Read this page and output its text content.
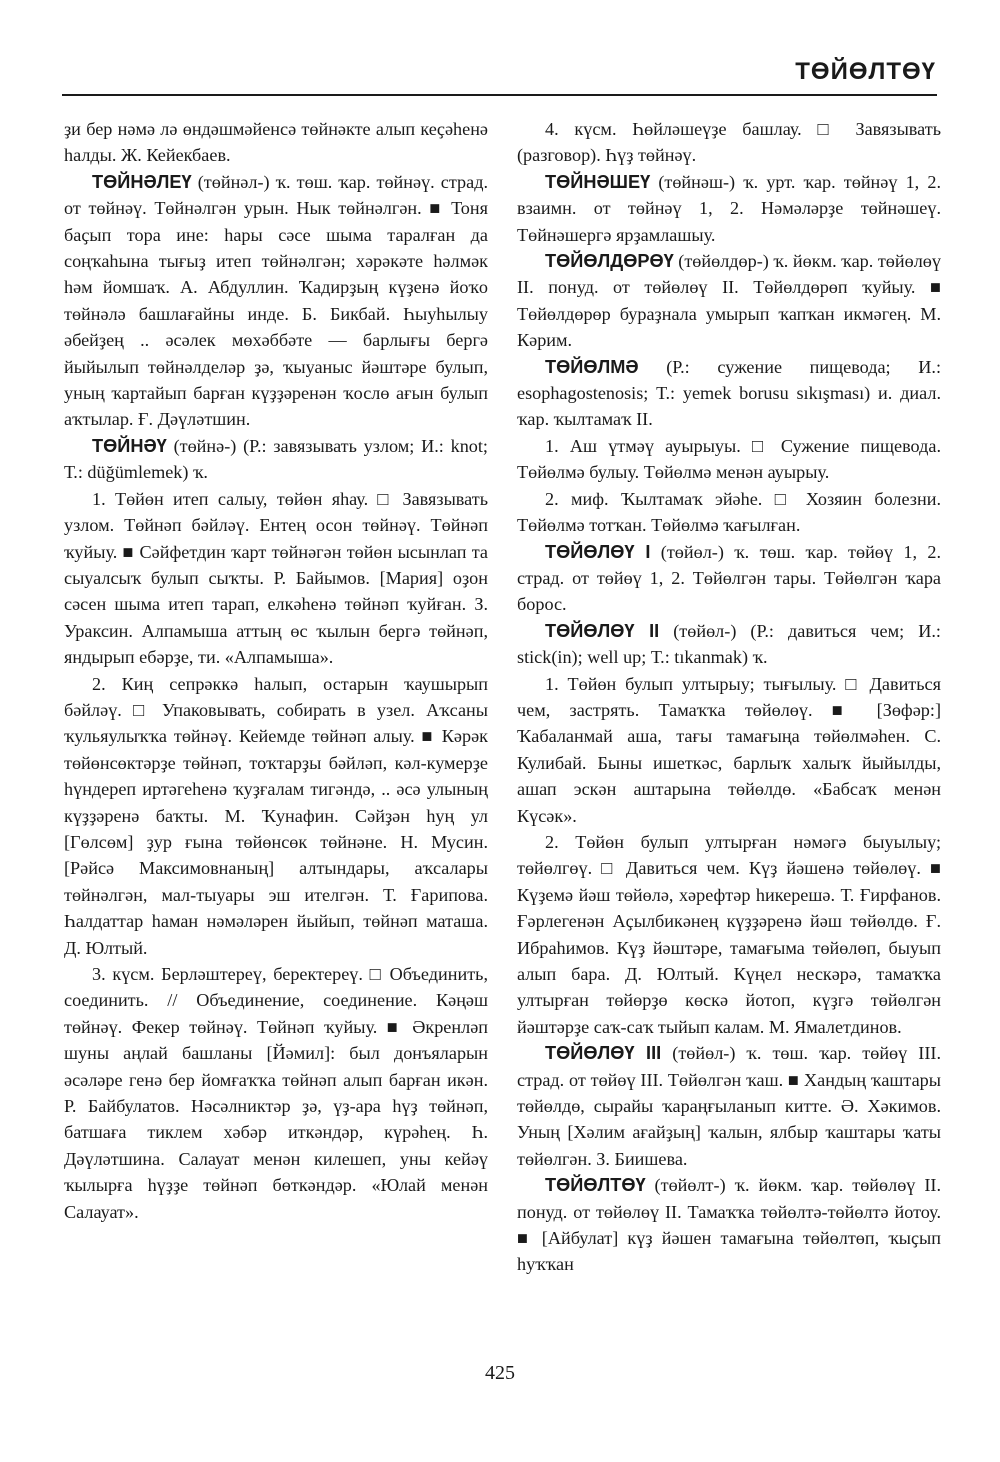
ТӨЙӨЛТӨҮ

ҙи бер нәмә лә өндәшмәйенсә төйнәкте алып кеҫәһенә һалды. Ж. Кейекбаев.

ТӨЙНӘЛЕҮ (төйнәл-) ҡ. төш. ҡар. төйнәү. страд. от төйнәү. Төйнәлгән урын. Нык төйнәлгән. ■ Тоня баҫып тора ине: һары сәсе шыма таралған да соңҡаһына тығыҙ итеп төйнәлгән; хәрәкәте һәлмәк һәм йомшаҡ. А. Абдуллин. Ҡадирҙың күҙенә йоҡо төйнәлә башлағайны инде. Б. Бикбай. Һыуһылыу әбейҙең .. әсәлек мөхәббәте — барлығы бергә йыйылып төйнәлделәр ҙә, ҡыуаныс йәштәре булып, уның ҡартайып барған күҙҙәренән ҡослө ағын булып аҡтылар. Ғ. Дәүләтшин.

ТӨЙНӘҮ (төйнә-) (Р.: завязывать узлом; И.: knot; Т.: düğümlemek) ҡ.

1. Төйөн итеп салыу, төйөн яһау. □ Завязывать узлом. Төйнәп бәйләү. Ентең осон төйнәү. Төйнәп ҡуйыу. ■ Сәйфетдин ҡарт төйнәгән төйөн ысынлап та сыуалсыҡ булып сыҡты. Р. Байымов. [Мария] оҙон сәсен шыма итеп тарап, елкәһенә төйнәп ҡуйған. З. Ураксин. Алпамыша аттың өс ҡылын бергә төйнәп, яндырып ебәрҙе, ти. «Алпамыша».

2. Киң сепрәккә һалып, остарын ҡаушырып бәйләү. □ Упаковывать, собирать в узел. Аҡсаны ҡульяулыҡҡа төйнәү. Кейемде төйнәп алыу. ■ Кәрәк төйөнсөктәрҙе төйнәп, тоҡтарҙы бәйләп, кәл-кумерҙе һүндереп иртәгеһенә ҡуҙғалам тигәндә, .. әсә улының күҙҙәренә баҡты. М. Ҡунафин. Сәйҙән һуң ул [Гөлсөм] ҙур ғына төйөнсөк төйнәне. Н. Мусин. [Рәйсә Максимовнаның] алтындары, аҡсалары төйнәлгән, мал-тыуары эш ителгән. Т. Ғарипова. Һалдаттар һаман нәмәләрен йыйып, төйнәп маташа. Д. Юлтый.

3. күсм. Берләштереү, беректереү. □ Объединить, соединить. // Объединение, соединение. Кәңәш төйнәү. Фекер төйнәү. Төйнәп ҡуйыу. ■ Әкренләп шуны аңлай башланы [Йәмил]: был донъяларын әсәләре генә бер йомғаҡҡа төйнәп алып барған икән. Р. Байбулатов. Нәсәлниктәр ҙә, үҙ-ара һүҙ төйнәп, батшаға тиклем хәбәр иткәндәр, күрәһең. Һ. Дәүләтшина. Салауат менән килешеп, уны кейәү ҡылырға һүҙҙе төйнәп бөткәндәр. «Юлай менән Салауат».

4. күсм. Һөйләшеүҙе башлау. □ Завязывать (разговор). Һүҙ төйнәү.

ТӨЙНӘШЕҮ (төйнәш-) ҡ. урт. ҡар. төйнәү 1, 2. взаимн. от төйнәү 1, 2. Нәмәләрҙе төйнәшеү. Төйнәшергә ярҙамлашыу.

ТӨЙӨЛДӨРӨҮ (төйөлдөр-) ҡ. йөкм. ҡар. төйөлөү II. понуд. от төйөлөү II. Төйөлдөрөп ҡуйыу. ■ Төйөлдөрөр бураҙнала умырып ҡапҡан икмәгең. М. Кәрим.

ТӨЙӨЛМӘ (Р.: сужение пищевода; И.: esophagostenosis; Т.: yemek borusu sıkışması) и. диал. ҡар. ҡылтамаҡ II.

1. Аш үтмәү ауырыуы. □ Сужение пищевода. Төйөлмә булыу. Төйөлмә менән ауырыу.

2. миф. Ҡылтамаҡ эйәһе. □ Хозяин болезни. Төйөлмә тотҡан. Төйөлмә ҡағылған.

ТӨЙӨЛӨҮ I (төйөл-) ҡ. төш. ҡар. төйөү 1, 2. страд. от төйөү 1, 2. Төйөлгән тары. Төйөлгән ҡара борос.

ТӨЙӨЛӨҮ II (төйөл-) (Р.: давиться чем; И.: stick(in); well up; Т.: tıkanmak) ҡ.

1. Төйөн булып ултырыу; тығылыу. □ Давиться чем, застрять. Тамаҡҡа төйөлөү. ■ [Зөфәр:] Ҡабаланмай аша, тағы тамағыңа төйөлмәһен. С. Кулибай. Быны ишеткәс, барлыҡ халыҡ йыйылды, ашап эскән аштарына төйөлдө. «Бабсаҡ менән Күсәк».

2. Төйөн булып ултырған нәмәгә быуылыу; төйөлгөү. □ Давиться чем. Күҙ йәшенә төйөлөү. ■ Күҙемә йәш төйөлә, хәрефтәр һикерешә. Т. Ғирфанов. Ғәрлегенән Аҫылбикәнең күҙҙәренә йәш төйөлдө. Ғ. Ибраһимов. Күҙ йәштәре, тамағыма төйөлөп, быуып алып бара. Д. Юлтый. Күңел нескәрә, тамаҡҡа ултырған төйөрҙө көскә йотоп, күҙгә төйөлгән йәштәрҙе саҡ-саҡ тыйып калам. М. Ямалетдинов.

ТӨЙӨЛӨҮ III (төйөл-) ҡ. төш. ҡар. төйөү III. страд. от төйөү III. Төйөлгән ҡаш. ■ Хандың ҡаштары төйөлдө, сырайы ҡараңғыланып китте. Ә. Хәкимов. Уның [Хәлим ағайҙың] ҡалын, ялбыр ҡаштары ҡаты төйөлгән. З. Биишева.

ТӨЙӨЛТӨҮ (төйөлт-) ҡ. йөкм. ҡар. төйөлөү II. понуд. от төйөлөү II. Тамаҡҡа төйөлтә-төйөлтә йотоу. ■ [Айбулат] күҙ йәшен тамағына төйөлтөп, ҡыҫып һуҡҡан

425
